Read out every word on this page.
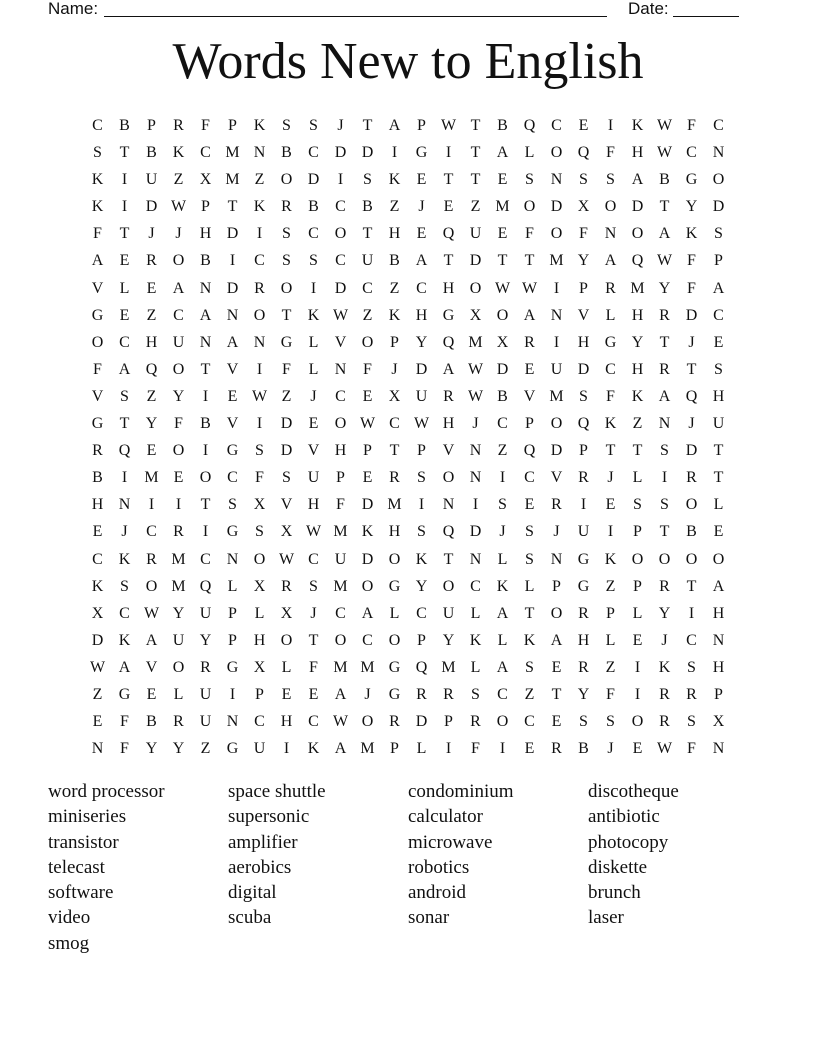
Name:	Date:
Words New to English
C	B	P	R	F	P	K	S	S	J	T	A	P W T	B Q C	E	I	K W F	C
S	T	B K C M N B	C D D	I	G	I	T	A	L	O Q	F	H W C N
K	I	U	Z	X M Z	O D	I	S	K	E	T	T	E	S	N	S	S	A B G O
K	I	D W P	T	K R	B	C	B	Z	J	E	Z M O D X O D	T	Y D
F	T	J	J	H D	I	S	C O	T	H	E	Q U	E	F	O	F	N O A K	S
A	E	R O B	I	C	S	S	C U B A	T	D	T	T M Y A Q W F	P
V	L	E	A N D R O	I	D C	Z	C H O W W	I	P	R M Y	F	A
G	E	Z	C A N O	T	K W Z	K H G X O A N V	L	H R D C
O C H U N A N G	L	V O	P	Y Q M X R	I	H G Y	T	J	E
F	A Q O	T	V	I	F	L	N	F	J	D A W D	E	U D C H R	T	S
V	S	Z	Y	I	E W Z	J	C	E	X U R W B V M S	F	K A Q H
G	T	Y	F	B V	I	D	E	O W C W H	J	C	P	O Q K	Z	N	J	U
R Q	E	O	I	G	S	D V H	P	T	P	V N	Z	Q D	P	T	T	S	D	T
B	I	M E	O C	F	S	U	P	E	R	S	O N	I	C V R	J	L	I	R	T
H N	I	I	T	S	X V H	F	D M	I	N	I	S	E	R	I	E	S	S	O	L
E	J	C	R	I	G	S	X W M K H	S	Q D	J	S	J	U	I	P	T	B	E
C K R M C N O W C U D O K	T	N	L	S	N G K O O O O
K	S	O M Q	L	X R	S M O G Y O C K	L	P	G	Z	P	R	T	A
X C W Y U	P	L	X	J	C A	L	C U	L	A	T	O R	P	L	Y	I	H
D K A U Y	P	H O	T	O C O	P	Y K	L	K A H	L	E	J	C N
W A V O R G X	L	F M M G Q M L	A	S	E	R	Z	I	K	S	H
Z	G	E	L	U	I	P	E	E	A	J	G R	R	S	C	Z	T	Y	F	I	R	R	P
E	F	B	R U N C H C W O R D	P	R O C	E	S	S	O R	S	X
N	F	Y Y	Z	G U	I	K A M P	L	I	F	I	E	R	B	J	E W F	N
word processor	space shuttle	condominium	discotheque
miniseries	supersonic	calculator	antibiotic
transistor	amplifier	microwave	photocopy
telecast	aerobics	robotics	diskette
software	digital	android	brunch
video	scuba	sonar	laser
smog
